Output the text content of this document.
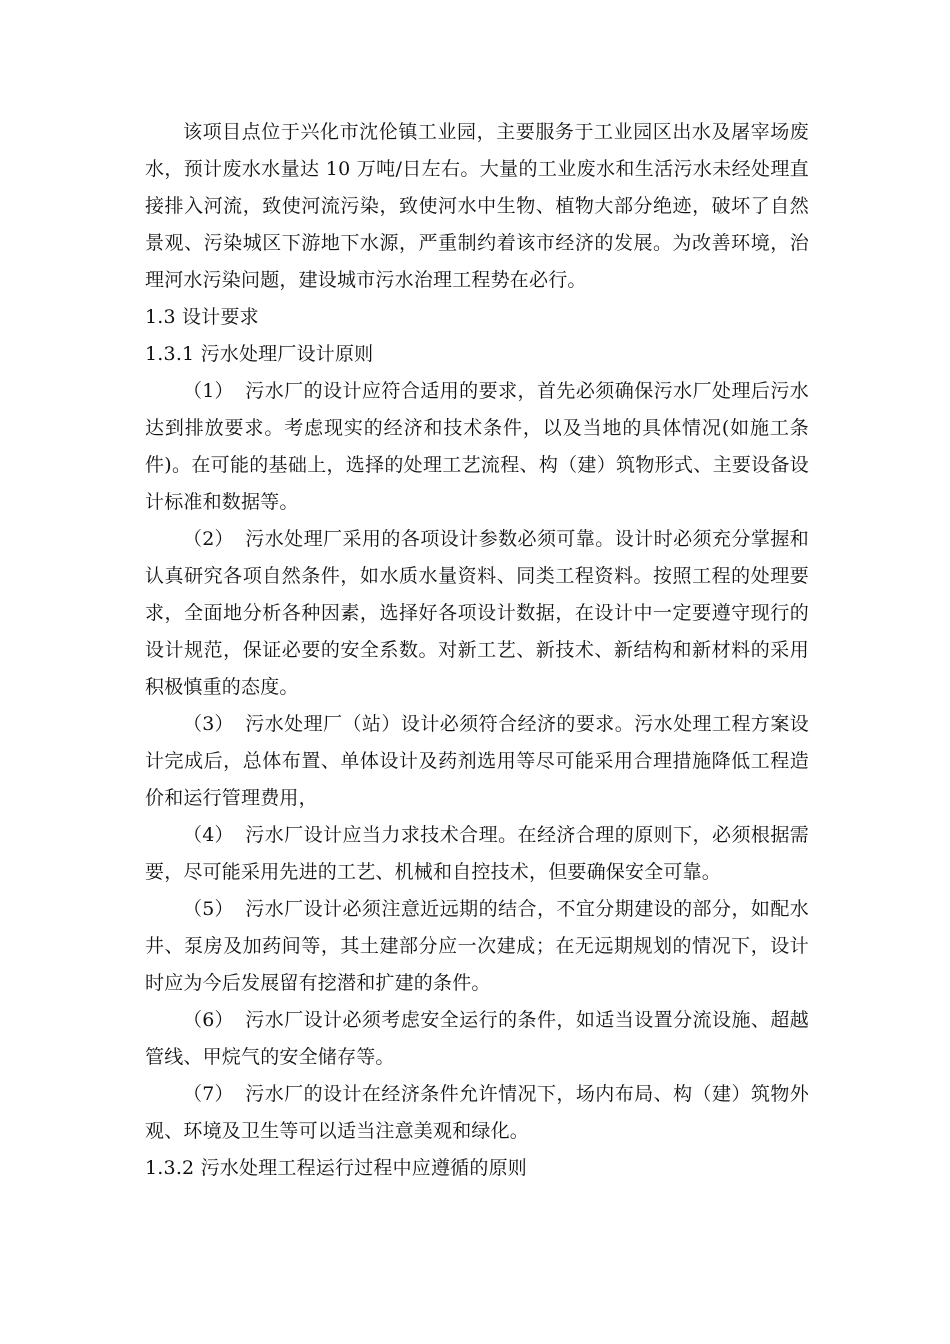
该项目点位于兴化市沈伦镇工业园，主要服务于工业园区出水及屠宰场废水，预计废水水量达 10 万吨/日左右。大量的工业废水和生活污水未经处理直接排入河流，致使河流污染，致使河水中生物、植物大部分绝迹，破坏了自然景观、污染城区下游地下水源，严重制约着该市经济的发展。为改善环境，治理河水污染问题，建设城市污水治理工程势在必行。

1.3 设计要求

1.3.1 污水处理厂设计原则

（1） 污水厂的设计应符合适用的要求，首先必须确保污水厂处理后污水达到排放要求。考虑现实的经济和技术条件，以及当地的具体情况(如施工条件)。在可能的基础上，选择的处理工艺流程、构（建）筑物形式、主要设备设计标准和数据等。

（2） 污水处理厂采用的各项设计参数必须可靠。设计时必须充分掌握和认真研究各项自然条件，如水质水量资料、同类工程资料。按照工程的处理要求，全面地分析各种因素，选择好各项设计数据，在设计中一定要遵守现行的设计规范，保证必要的安全系数。对新工艺、新技术、新结构和新材料的采用积极慎重的态度。

（3） 污水处理厂（站）设计必须符合经济的要求。污水处理工程方案设计完成后，总体布置、单体设计及药剂选用等尽可能采用合理措施降低工程造价和运行管理费用，

（4） 污水厂设计应当力求技术合理。在经济合理的原则下，必须根据需要，尽可能采用先进的工艺、机械和自控技术，但要确保安全可靠。

（5） 污水厂设计必须注意近远期的结合，不宜分期建设的部分，如配水井、泵房及加药间等，其土建部分应一次建成；在无远期规划的情况下，设计时应为今后发展留有挖潜和扩建的条件。

（6） 污水厂设计必须考虑安全运行的条件，如适当设置分流设施、超越管线、甲烷气的安全储存等。

（7） 污水厂的设计在经济条件允许情况下，场内布局、构（建）筑物外观、环境及卫生等可以适当注意美观和绿化。

1.3.2 污水处理工程运行过程中应遵循的原则
